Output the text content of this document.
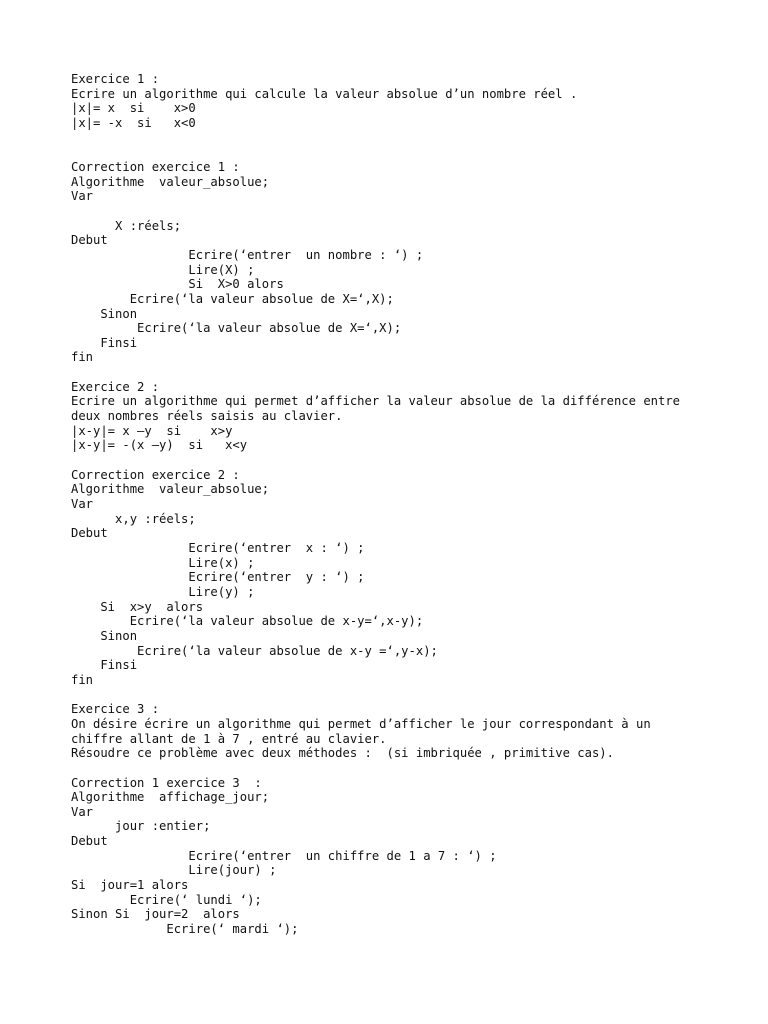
Exercice 1 :
Ecrire un algorithme qui calcule la valeur absolue d’un nombre réel .
|x|= x  si    x>0
|x|= -x  si   x<0
Correction exercice 1 :
Algorithme  valeur_absolue;
Var
X :réels;
Debut
Ecrire(‘entrer  un nombre : ‘) ;
Lire(X) ;
Si  X>0 alors
Ecrire(‘la valeur absolue de X=‘,X);
Sinon
Ecrire(‘la valeur absolue de X=‘,X);
Finsi
fin
Exercice 2 :
Ecrire un algorithme qui permet d’afficher la valeur absolue de la différence entre
deux nombres réels saisis au clavier.
|x-y|= x –y  si    x>y
|x-y|= -(x –y)  si   x<y
Correction exercice 2 :
Algorithme  valeur_absolue;
Var
x,y :réels;
Debut
Ecrire(‘entrer  x : ‘) ;
Lire(x) ;
Ecrire(‘entrer  y : ‘) ;
Lire(y) ;
Si  x>y  alors
Ecrire(‘la valeur absolue de x-y=‘,x-y);
Sinon
Ecrire(‘la valeur absolue de x-y =‘,y-x);
Finsi
fin
Exercice 3 :
On désire écrire un algorithme qui permet d’afficher le jour correspondant à un
chiffre allant de 1 à 7 , entré au clavier.
Résoudre ce problème avec deux méthodes :  (si imbriquée , primitive cas).
Correction 1 exercice 3  :
Algorithme  affichage_jour;
Var
jour :entier;
Debut
Ecrire(‘entrer  un chiffre de 1 a 7 : ‘) ;
Lire(jour) ;
Si  jour=1 alors
Ecrire(‘ lundi ‘);
Sinon Si  jour=2  alors
Ecrire(‘ mardi ‘);
